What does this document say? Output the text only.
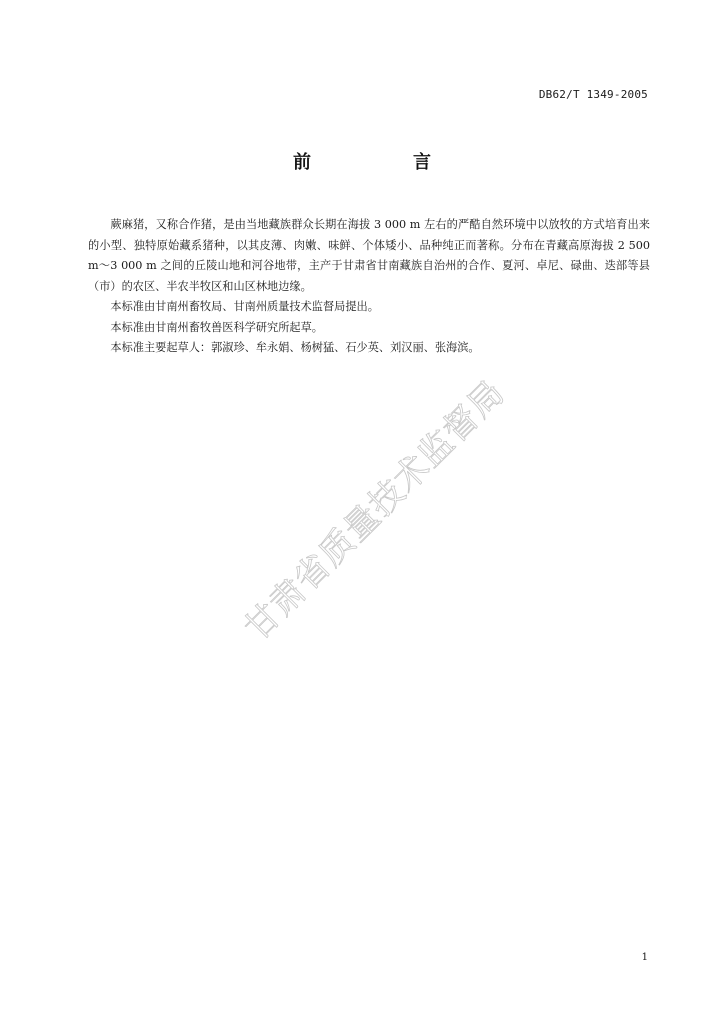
DB62/T 1349-2005
前　言

蕨麻猪，又称合作猪，是由当地藏族群众长期在海拔 3 000 m 左右的严酷自然环境中以放牧的方式培育出来的小型、独特原始藏系猪种，以其皮薄、肉嫩、味鲜、个体矮小、品种纯正而著称。分布在青藏高原海拔 2 500 m～3 000 m 之间的丘陵山地和河谷地带，主产于甘肃省甘南藏族自治州的合作、夏河、卓尼、碌曲、迭部等县（市）的农区、半农半牧区和山区林地边缘。

本标准由甘南州畜牧局、甘南州质量技术监督局提出。

本标准由甘南州畜牧兽医科学研究所起草。

本标准主要起草人：郭淑珍、牟永娟、杨树猛、石少英、刘汉丽、张海滨。

甘肃省质量技术监督局
1
